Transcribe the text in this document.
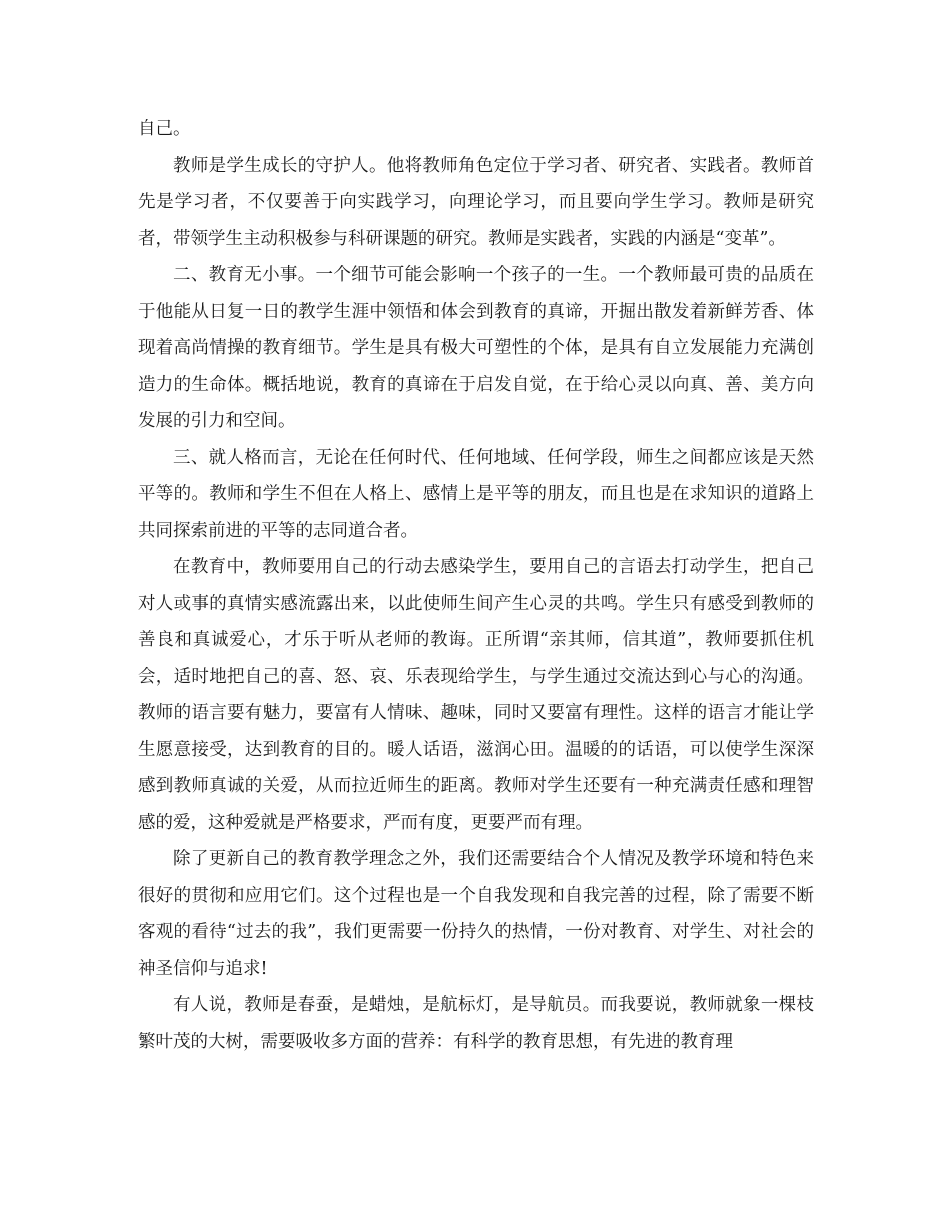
自己。

教师是学生成长的守护人。他将教师角色定位于学习者、研究者、实践者。教师首先是学习者，不仅要善于向实践学习，向理论学习，而且要向学生学习。教师是研究者，带领学生主动积极参与科研课题的研究。教师是实践者，实践的内涵是“变革”。

二、教育无小事。一个细节可能会影响一个孩子的一生。一个教师最可贵的品质在于他能从日复一日的教学生涯中领悟和体会到教育的真谛，开掘出散发着新鲜芳香、体现着高尚情操的教育细节。学生是具有极大可塑性的个体，是具有自立发展能力充满创造力的生命体。概括地说，教育的真谛在于启发自觉，在于给心灵以向真、善、美方向发展的引力和空间。

三、就人格而言，无论在任何时代、任何地域、任何学段，师生之间都应该是天然平等的。教师和学生不但在人格上、感情上是平等的朋友，而且也是在求知识的道路上共同探索前进的平等的志同道合者。

在教育中，教师要用自己的行动去感染学生，要用自己的言语去打动学生，把自己对人或事的真情实感流露出来，以此使师生间产生心灵的共鸣。学生只有感受到教师的善良和真诚爱心，才乐于听从老师的教诲。正所谓“亲其师，信其道”，教师要抓住机会，适时地把自己的喜、怒、哀、乐表现给学生，与学生通过交流达到心与心的沟通。教师的语言要有魅力，要富有人情味、趣味，同时又要富有理性。这样的语言才能让学生愿意接受，达到教育的目的。暖人话语，滋润心田。温暖的的话语，可以使学生深深感到教师真诚的关爱，从而拉近师生的距离。教师对学生还要有一种充满责任感和理智感的爱，这种爱就是严格要求，严而有度，更要严而有理。

除了更新自己的教育教学理念之外，我们还需要结合个人情况及教学环境和特色来很好的贯彻和应用它们。这个过程也是一个自我发现和自我完善的过程，除了需要不断客观的看待“过去的我”，我们更需要一份持久的热情，一份对教育、对学生、对社会的神圣信仰与追求!

有人说，教师是春蚕，是蜡烛，是航标灯，是导航员。而我要说，教师就象一棵枝繁叶茂的大树，需要吸收多方面的营养：有科学的教育思想，有先进的教育理
